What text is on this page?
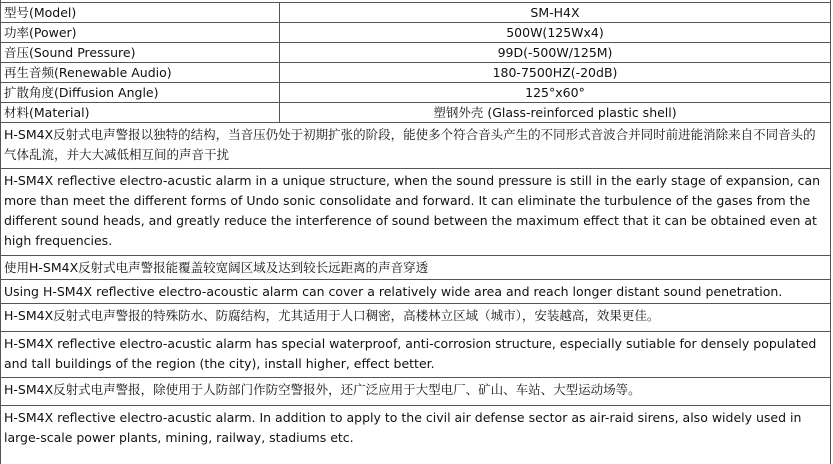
型号(Model)	SM-H4X
功率(Power)	500W(125Wx4)
音压(Sound Pressure)	99D(-500W/125M)
再生音频(Renewable Audio)	180-7500HZ(-20dB)
扩散角度(Diffusion Angle)	125°x60°
材料(Material)	塑钢外壳 (Glass-reinforced plastic shell)
H-SM4X反射式电声警报以独特的结构，当音压仍处于初期扩张的阶段，能使多个符合音头产生的不同形式音波合并同时前进能消除来自不同音头的气体乱流，并大大减低相互间的声音干扰
H-SM4X reflective electro-acustic alarm in a unique structure, when the sound pressure is still in the early stage of expansion, can more than meet the different forms of Undo sonic consolidate and forward. It can eliminate the turbulence of the gases from the different sound heads, and greatly reduce the interference of sound between the maximum effect that it can be obtained even at high frequencies.
使用H-SM4X反射式电声警报能覆盖较宽阔区域及达到较长远距离的声音穿透
Using H-SM4X reflective electro-acoustic alarm can cover a relatively wide area and reach longer distant sound penetration.
H-SM4X反射式电声警报的特殊防水、防腐结构，尤其适用于人口稠密，高楼林立区域（城市），安装越高，效果更佳。
H-SM4X reflective electro-acustic alarm has special waterproof, anti-corrosion structure, especially sutiable for densely populated and tall buildings of the region (the city), install higher, effect better.
H-SM4X反射式电声警报，除使用于人防部门作防空警报外，还广泛应用于大型电厂、矿山、车站、大型运动场等。
H-SM4X reflective electro-acustic alarm. In addition to apply to the civil air defense sector as air-raid sirens, also widely used in large-scale power plants, mining, railway, stadiums etc.
